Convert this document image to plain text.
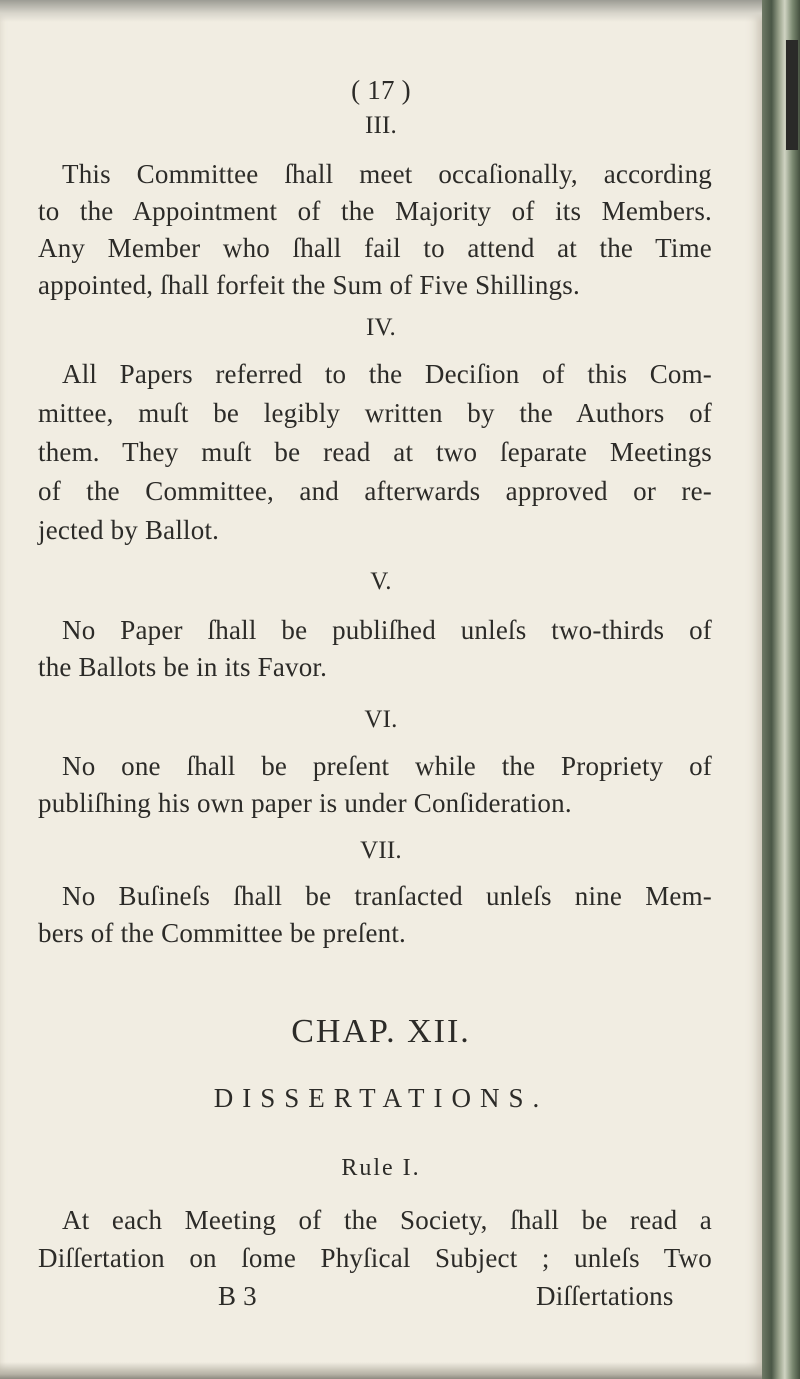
( 17 )
III.
This Committee ſhall meet occaſionally, according
to the Appointment of the Majority of its Members.
Any Member who ſhall fail to attend at the Time
appointed, ſhall forfeit the Sum of Five Shillings.
IV.
All Papers referred to the Deciſion of this Com-
mittee, muſt be legibly written by the Authors of
them. They muſt be read at two ſeparate Meetings
of the Committee, and afterwards approved or re-
jected by Ballot.
V.
No Paper ſhall be publiſhed unleſs two-thirds of
the Ballots be in its Favor.
VI.
No one ſhall be preſent while the Propriety of
publiſhing his own paper is under Conſideration.
VII.
No Buſineſs ſhall be tranſacted unleſs nine Mem-
bers of the Committee be preſent.
CHAP. XII.
DISSERTATIONS.
Rule I.
At each Meeting of the Society, ſhall be read a
Diſſertation on ſome Phyſical Subject ; unleſs Two
B 3	Diſſertations
